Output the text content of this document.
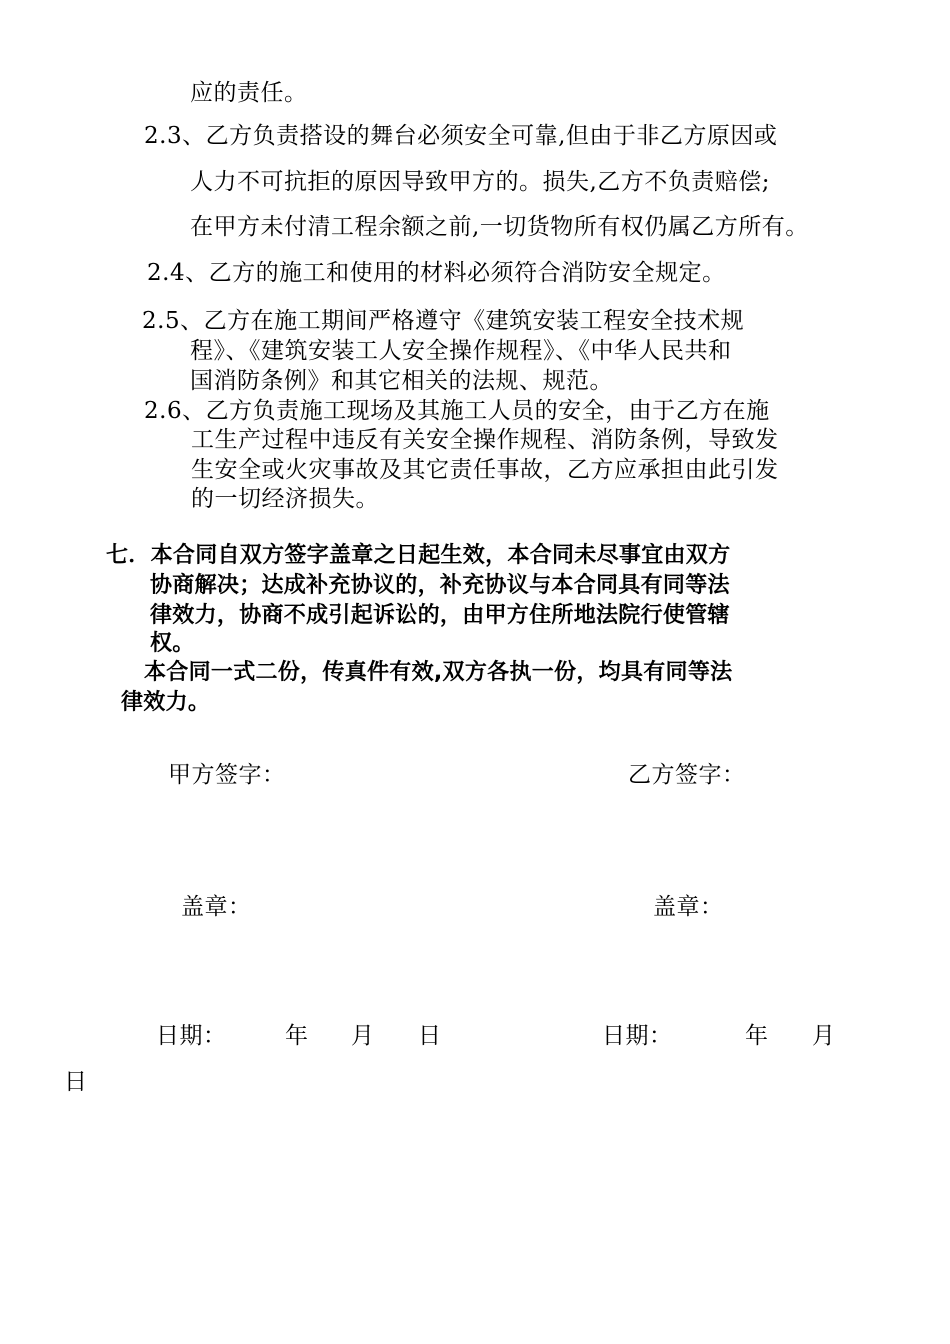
应的责任。
2.3、乙方负责搭设的舞台必须安全可靠,但由于非乙方原因或
人力不可抗拒的原因导致甲方的。损失,乙方不负责赔偿;
在甲方未付清工程余额之前,一切货物所有权仍属乙方所有。
2.4、乙方的施工和使用的材料必须符合消防安全规定。
2.5、乙方在施工期间严格遵守《建筑安装工程安全技术规
程》、《建筑安装工人安全操作规程》、《中华人民共和
国消防条例》和其它相关的法规、规范。
2.6、乙方负责施工现场及其施工人员的安全，由于乙方在施
工生产过程中违反有关安全操作规程、消防条例，导致发
生安全或火灾事故及其它责任事故，乙方应承担由此引发
的一切经济损失。
七．本合同自双方签字盖章之日起生效，本合同未尽事宜由双方
协商解决；达成补充协议的，补充协议与本合同具有同等法
律效力，协商不成引起诉讼的，由甲方住所地法院行使管辖
权。
本合同一式二份，传真件有效,双方各执一份，均具有同等法
律效力。
甲方签字：	乙方签字：
盖章：	盖章：
日期：	年 月 日	日期：	年 月
日
